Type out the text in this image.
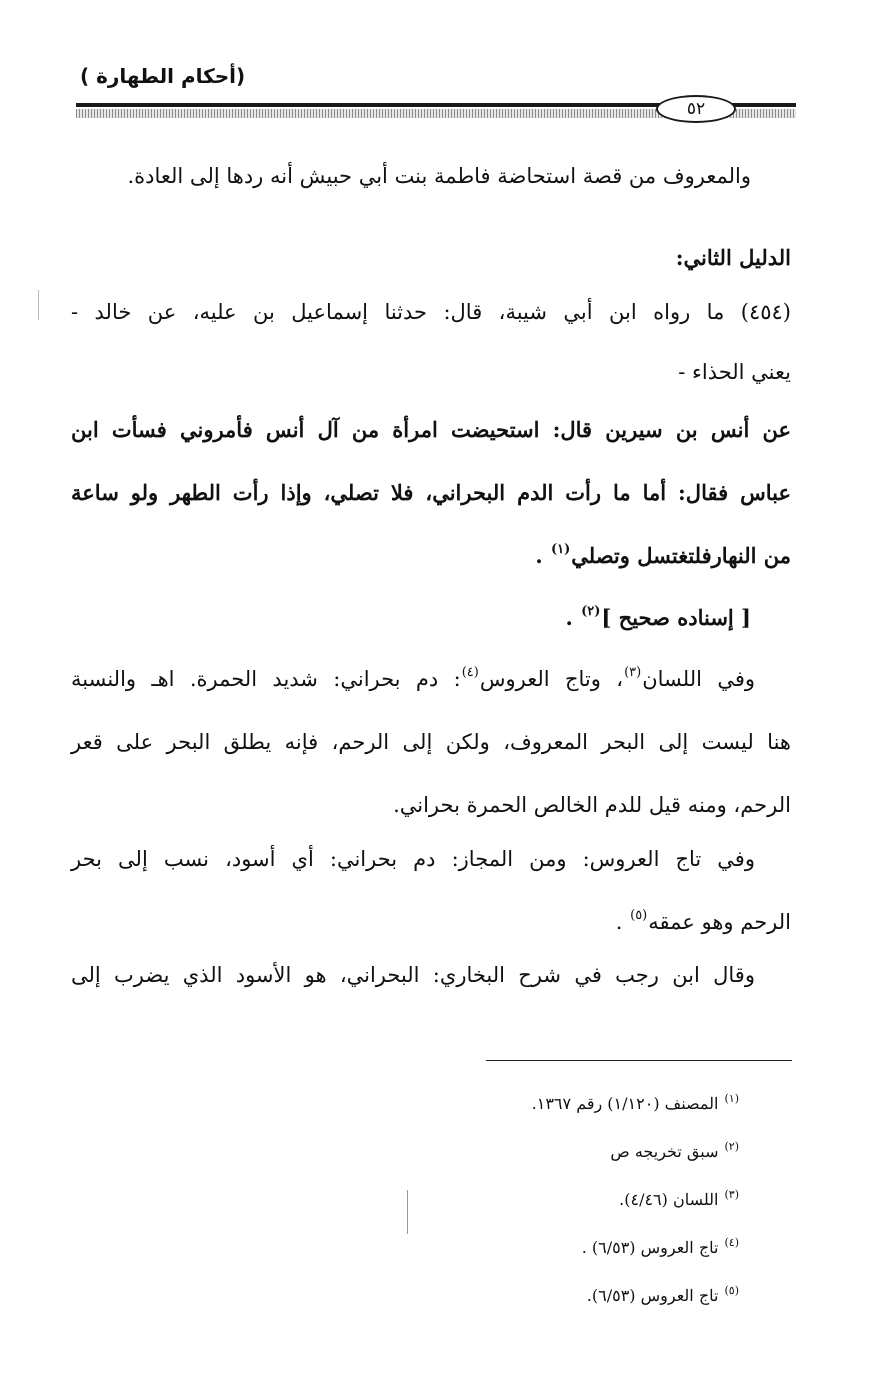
(أحكام الطهارة )
٥٢
والمعروف من قصة استحاضة فاطمة بنت أبي حبيش أنه ردها إلى العادة.
الدليل الثاني:
(٤٥٤) ما رواه ابن أبي شيبة، قال: حدثنا إسماعيل بن عليه، عن خالد -
يعني الحذاء -
عن أنس بن سيرين قال: استحيضت امرأة من آل أنس فأمروني فسأت ابن
عباس فقال: أما ما رأت الدم البحراني، فلا تصلي، وإذا رأت الطهر ولو ساعة
من النهارفلتغتسل وتصلي$^{(١)}$ .
[ إسناده صحيح ]$^{(٢)}$ .
وفي اللسان$^{(٣)}$، وتاج العروس$^{(٤)}$: دم بحراني: شديد الحمرة. اهـ والنسبة
هنا ليست إلى البحر المعروف، ولكن إلى الرحم، فإنه يطلق البحر على قعر
الرحم، ومنه قيل للدم الخالص الحمرة بحراني.
وفي تاج العروس: ومن المجاز: دم بحراني: أي أسود، نسب إلى بحر
الرحم وهو عمقه$^{(٥)}$ .
وقال ابن رجب في شرح البخاري: البحراني، هو الأسود الذي يضرب إلى
$^{(١)}$المصنف (١/١٢٠) رقم ١٣٦٧.
$^{(٢)}$سبق تخريجه ص
$^{(٣)}$اللسان (٤/٤٦).
$^{(٤)}$تاج العروس (٦/٥٣) .
$^{(٥)}$تاج العروس (٦/٥٣).
